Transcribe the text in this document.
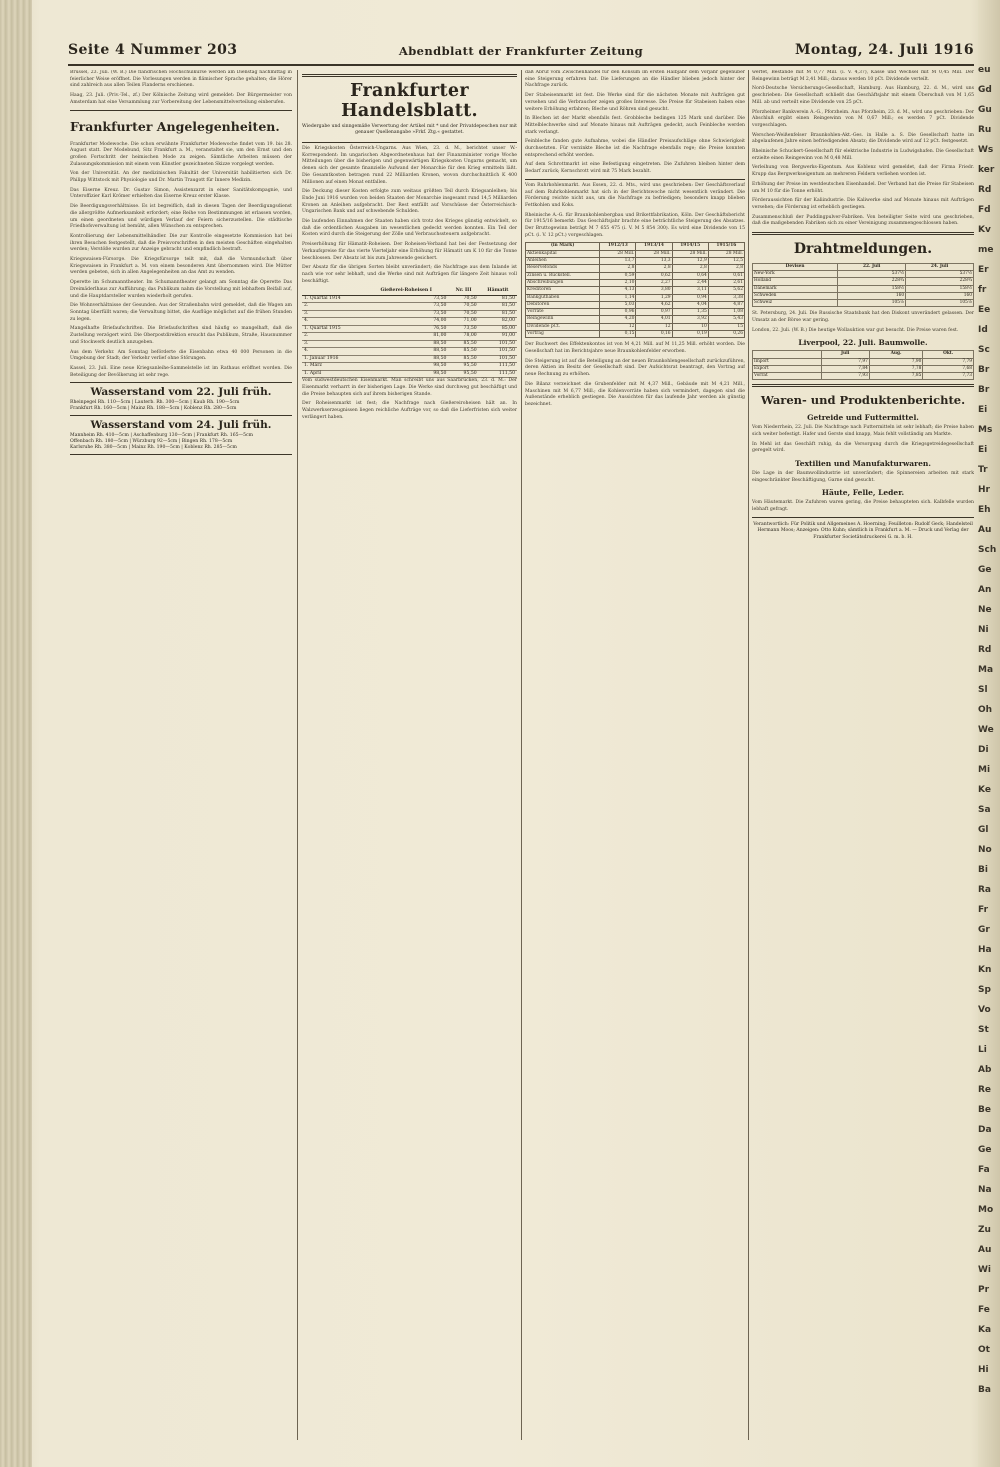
eu
Gd
Gu
Ru
Ws
ker
Rd
Fd
Kv
me
Er
fr
Ee
Id
Sc
Br
Br
Ei
Ms
Ei
Tr
Hr
Eh
Au
Sch
Ge
An
Ne
Ni
Rd
Ma
Sl
Oh
We
Di
Mi
Ke
Sa
Gl
No
Bi
Ra
Fr
Gr
Ha
Kn
Sp
Vo
St
Li
Ab
Re
Be
Da
Ge
Fa
Na
Mo
Zu
Au
Wi
Pr
Fe
Ka
Ot
Hi
Ba
Seite 4 Nummer 203	Abendblatt der Frankfurter Zeitung	Montag, 24. Juli 1916

Brüssel, 23. Juli. (W. B.) Die flandrischen Hochschulkurse werden am Dienstag nachmittag in feierlicher Weise eröffnet. Die Vorlesungen werden in flämischer Sprache gehalten; die Hörer sind zahlreich aus allen Teilen Flanderns erschienen.

Haag, 23. Juli. (Priv.-Tel., zf.) Der Kölnische Zeitung wird gemeldet: Der Bürgermeister von Amsterdam hat eine Versammlung zur Vorbereitung der Lebensmittelverteilung einberufen.

Frankfurter Angelegenheiten.

Frankfurter Modewoche. Die schon erwähnte Frankfurter Modewoche findet vom 19. bis 28. August statt. Der Modebund, Sitz Frankfurt a. M., veranstaltet sie, um den Ernst und den großen Fortschritt der heimischen Mode zu zeigen. Sämtliche Arbeiten müssen der Zulassungskommission mit einem vom Künstler gezeichneten Skizze vorgelegt werden.

Von der Universität. An der medizinischen Fakultät der Universität habilitierten sich Dr. Philipp Wittstock mit Physiologie und Dr. Martin Traugott für Innere Medizin.

Das Eiserne Kreuz. Dr. Gustav Simon, Assistenzarzt in einer Sanitätskompagnie, und Unteroffizier Karl Krömer erhielten das Eiserne Kreuz erster Klasse.

Die Beerdigungsverhältnisse. Es ist begreiflich, daß in diesen Tagen der Beerdigungsdienst die allergrößte Aufmerksamkeit erfordert; eine Reihe von Bestimmungen ist erlassen worden, um einen geordneten und würdigen Verlauf der Feiern sicherzustellen. Die städtische Friedhofsverwaltung ist bemüht, allen Wünschen zu entsprechen.

Kontrollierung der Lebensmittelhändler. Die zur Kontrolle eingesetzte Kommission hat bei ihren Besuchen festgestellt, daß die Preisvorschriften in den meisten Geschäften eingehalten werden; Verstöße wurden zur Anzeige gebracht und empfindlich bestraft.

Kriegswaisen-Fürsorge. Die Kriegsfürsorge teilt mit, daß die Vormundschaft über Kriegswaisen in Frankfurt a. M. von einem besonderen Amt übernommen wird. Die Mütter werden gebeten, sich in allen Angelegenheiten an das Amt zu wenden.

Operette im Schumanntheater. Im Schumanntheater gelangt am Sonntag die Operette Das Dreimäderlhaus zur Aufführung; das Publikum nahm die Vorstellung mit lebhaftem Beifall auf, und die Hauptdarsteller wurden wiederholt gerufen.

Die Wohnverhältnisse der Gesunden. Aus der Straßenbahn wird gemeldet, daß die Wagen am Sonntag überfüllt waren; die Verwaltung bittet, die Ausflüge möglichst auf die frühen Stunden zu legen.

Mangelhafte Briefaufschriften. Die Briefaufschriften sind häufig so mangelhaft, daß die Zustellung verzögert wird. Die Oberpostdirektion ersucht das Publikum, Straße, Hausnummer und Stockwerk deutlich anzugeben.

Aus dem Verkehr. Am Sonntag beförderte die Eisenbahn etwa 40 000 Personen in die Umgebung der Stadt; der Verkehr verlief ohne Störungen.

Kassel, 23. Juli. Eine neue Kriegsanleihe-Sammelstelle ist im Rathaus eröffnet worden. Die Beteiligung der Bevölkerung ist sehr rege.

Wasserstand vom 22. Juli früh.
Rheinpegel Rh. 110—5cm | Lauterb. Rh. 300—5cm | Kaub Rh. 190—5cm
Frankfurt Rh. 160—5cm | Mainz Rh. 188—5cm | Koblenz Rh. 280—5cm
Wasserstand vom 24. Juli früh.
Mannheim Rh. 410—5cm | Aschaffenburg 130—5cm | Frankfurt Rh. 165—5cm
Offenbach Rh. 180—5cm | Würzburg 92—5cm | Bingen Rh. 178—5cm
Karlsruhe Rh. 380—5cm | Mainz Rh. 190—5cm | Koblenz Rh. 285—5cm
Frankfurter Handelsblatt.
Wiedergabe und sinngemäße Verwertung der Artikel mit * und der Privatdepeschen nur mit genauer Quellenangabe »Frkf. Ztg.« gestattet.

Die Kriegskosten Österreich-Ungarns. Aus Wien, 23. d. M., berichtet unser W.-Korrespondent: Im ungarischen Abgeordnetenhaus hat der Finanzminister vorige Woche Mitteilungen über die bisherigen und gegenwärtigen Kriegskosten Ungarns gemacht, um denen sich der gesamte finanzielle Aufwand der Monarchie für den Krieg ermitteln läßt. Die Gesamtkosten betragen rund 22 Milliarden Kronen, wovon durchschnittlich K 400 Millionen auf einen Monat entfallen.

Die Deckung dieser Kosten erfolgte zum weitaus größten Teil durch Kriegsanleihen; bis Ende Juni 1916 wurden von beiden Staaten der Monarchie insgesamt rund 14,5 Milliarden Kronen an Anleihen aufgebracht. Der Rest entfällt auf Vorschüsse der Österreichisch-Ungarischen Bank und auf schwebende Schulden.

Die laufenden Einnahmen der Staaten haben sich trotz des Krieges günstig entwickelt, so daß die ordentlichen Ausgaben im wesentlichen gedeckt werden konnten. Ein Teil der Kosten wird durch die Steigerung der Zölle und Verbrauchssteuern aufgebracht.

Preiserhöhung für Hämatit-Roheisen. Der Roheisen-Verband hat bei der Festsetzung der Verkaufspreise für das vierte Vierteljahr eine Erhöhung für Hämatit um K 10 für die Tonne beschlossen. Der Absatz ist bis zum Jahresende gesichert.

Der Absatz für die übrigen Sorten bleibt unverändert; die Nachfrage aus dem Inlande ist nach wie vor sehr lebhaft, und die Werke sind mit Aufträgen für längere Zeit hinaus voll beschäftigt.

	Gießerei-Roheisen I	Nr. III	Hämatit
1. Quartal 1914	73,50	70,50	81,50
2.	73,50	70,50	81,50
3.	73,50	70,50	81,50
4.	74,00	71,00	82,00
1. Quartal 1915	76,50	73,50	85,00
2.	81,00	78,00	91,00
3.	88,50	85,50	101,50
4.	88,50	85,50	101,50
1. Januar 1916	88,50	85,50	101,50
1. März	98,50	95,50	111,50
1. April	98,50	95,50	111,50

Vom südwestdeutschen Eisenmarkt. Man schreibt uns aus Saarbrücken, 23. d. M.: Der Eisenmarkt verharrt in der bisherigen Lage. Die Werke sind durchweg gut beschäftigt und die Preise behaupten sich auf ihrem bisherigen Stande.

Der Roheisenmarkt ist fest; die Nachfrage nach Gießereiroheisen hält an. In Walzwerkserzeugnissen liegen reichliche Aufträge vor, so daß die Lieferfristen sich weiter verlängert haben.

daß Abruf vom Zwischenhandel für den Konsum im ersten Halbjahr dem Vorjahr gegenüber eine Steigerung erfahren hat. Die Lieferungen an die Händler blieben jedoch hinter der Nachfrage zurück.

Der Stabeisenmarkt ist fest. Die Werke sind für die nächsten Monate mit Aufträgen gut versehen und die Verbraucher zeigen großes Interesse. Die Preise für Stabeisen haben eine weitere Erhöhung erfahren; Bleche und Röhren sind gesucht.

In Blechen ist der Markt ebenfalls fest. Grobbleche bedingen 125 Mark und darüber. Die Mittelblechwerke sind auf Monate hinaus mit Aufträgen gedeckt, auch Feinbleche werden stark verlangt.

Feinbleche fanden gute Aufnahme, wobei die Händler Preisaufschläge ohne Schwierigkeit durchsetzten. Für verzinkte Bleche ist die Nachfrage ebenfalls rege; die Preise konnten entsprechend erhöht werden.

Auf dem Schrottmarkt ist eine Befestigung eingetreten. Die Zufuhren bleiben hinter dem Bedarf zurück; Kernschrott wird mit 75 Mark bezahlt.

Vom Ruhrkohlenmarkt. Aus Essen, 22. d. Mts., wird uns geschrieben: Der Geschäftsverlauf auf dem Ruhrkohlenmarkt hat sich in der Berichtswoche nicht wesentlich verändert. Die Förderung reichte nicht aus, um die Nachfrage zu befriedigen; besonders knapp blieben Fettkohlen und Koks.

Rheinische A.-G. für Braunkohlenbergbau und Brikettfabrikation, Köln. Der Geschäftsbericht für 1915/16 bemerkt: Das Geschäftsjahr brachte eine beträchtliche Steigerung des Absatzes. Der Bruttogewinn beträgt M 7 655 475 (i. V. M 5 854 300). Es wird eine Dividende von 15 pCt. (i. V. 12 pCt.) vorgeschlagen.

(in Mark)	1912/13	1913/14	1914/15	1915/16
Aktienkapital	28 Mill.	28 Mill.	28 Mill.	28 Mill.
Anleihen	13,7	13,3	12,9	12,5
Reservefonds	2,8	2,8	2,8	2,8
Zinsen u. Rückstell.	0,59	0,62	0,64	0,61
Abschreibungen	2,10	2,27	2,44	2,61
Kreditoren	4,13	3,80	3,11	5,62
Bankguthaben	1,14	1,29	0,94	3,38
Debitoren	5,03	4,62	4,04	4,87
Vorräte	0,96	0,97	1,35	1,08
Reingewinn	4,20	4,01	3,92	5,43
Dividende pCt.	12	12	10	15
Vortrag	0,15	0,16	0,19	0,26

Der Buchwert des Effektenkontos ist von M 4,21 Mill. auf M 11,25 Mill. erhöht worden. Die Gesellschaft hat im Berichtsjahre neue Braunkohlenfelder erworben.

Die Steigerung ist auf die Beteiligung an der neuen Braunkohlengesellschaft zurückzuführen, deren Aktien im Besitz der Gesellschaft sind. Der Aufsichtsrat beantragt, den Vortrag auf neue Rechnung zu erhöhen.

Die Bilanz verzeichnet die Grubenfelder mit M 4,37 Mill., Gebäude mit M 4,21 Mill., Maschinen mit M 6,77 Mill.; die Kohlenvorräte haben sich vermindert, dagegen sind die Außenstände erheblich gestiegen. Die Aussichten für das laufende Jahr werden als günstig bezeichnet.

werfet, Bestände mit M 0,77 Mill. (i. V. 4,37), Kasse und Wechsel mit M 0,45 Mill. Der Reingewinn beträgt M 2,41 Mill.; daraus werden 10 pCt. Dividende verteilt.

Nord-Deutsche Versicherungs-Gesellschaft, Hamburg. Aus Hamburg, 22. d. M., wird uns geschrieben: Die Gesellschaft schließt das Geschäftsjahr mit einem Überschuß von M 1,65 Mill. ab und verteilt eine Dividende von 25 pCt.

Pforzheimer Bankverein A.-G., Pforzheim. Aus Pforzheim, 23. d. M., wird uns geschrieben: Der Abschluß ergibt einen Reingewinn von M 0,67 Mill.; es werden 7 pCt. Dividende vorgeschlagen.

Werschen-Weißenfelser Braunkohlen-Akt.-Ges. in Halle a. S. Die Gesellschaft hatte im abgelaufenen Jahre einen befriedigenden Absatz; die Dividende wird auf 12 pCt. festgesetzt.

Rheinische Schuckert-Gesellschaft für elektrische Industrie in Ludwigshafen. Die Gesellschaft erzielte einen Reingewinn von M 0,48 Mill.

Verleihung von Bergwerks-Eigentum. Aus Koblenz wird gemeldet, daß der Firma Friedr. Krupp das Bergwerkseigentum an mehreren Feldern verliehen worden ist.

Erhöhung der Preise im westdeutschen Eisenhandel. Der Verband hat die Preise für Stabeisen um M 10 für die Tonne erhöht.

Förderaussichten für der Kaliindustrie. Die Kaliwerke sind auf Monate hinaus mit Aufträgen versehen; die Förderung ist erheblich gestiegen.

Zusammenschluß der Puddingpulver-Fabriken. Von beteiligter Seite wird uns geschrieben, daß die maßgebenden Fabriken sich zu einer Vereinigung zusammengeschlossen haben.

Drahtmeldungen.
Devisen	22. Juli	24. Juli
New-York	537½	537½
Holland	228¾	228¾
Dänemark	158½	158½
Schweden	160	160
Schweiz	105⅞	105⅞

St. Petersburg, 24. Juli. Die Russische Staatsbank hat den Diskont unverändert gelassen. Der Umsatz an der Börse war gering.

London, 22. Juli. (W. B.) Die heutige Wollauktion war gut besucht. Die Preise waren fest.

Liverpool, 22. Juli. Baumwolle.
	Juli	Aug.	Okt.
Import	7,97	7,90	7,79
Export	7,84	7,78	7,68
Vorrat	7,93	7,85	7,73
Waren- und Produktenberichte.
Getreide und Futtermittel.

Vom Niederrhein, 22. Juli. Die Nachfrage nach Futtermitteln ist sehr lebhaft; die Preise haben sich weiter befestigt. Hafer und Gerste sind knapp, Mais fehlt vollständig am Markte.

In Mehl ist das Geschäft ruhig, da die Versorgung durch die Kriegsgetreidegesellschaft geregelt wird.

Textilien und Manufakturwaren.

Die Lage in der Baumwollindustrie ist unverändert; die Spinnereien arbeiten mit stark eingeschränkter Beschäftigung, Garne sind gesucht.

Häute, Felle, Leder.

Vom Häutemarkt. Die Zufuhren waren gering, die Preise behaupteten sich. Kalbfelle wurden lebhaft gefragt.

Verantwortlich: Für Politik und Allgemeines A. Hoerning; Feuilleton: Rudolf Geck; Handelsteil Hermann Moos; Anzeigen: Otto Kuhn; sämtlich in Frankfurt a. M. — Druck und Verlag der Frankfurter Societätsdruckerei G. m. b. H.
